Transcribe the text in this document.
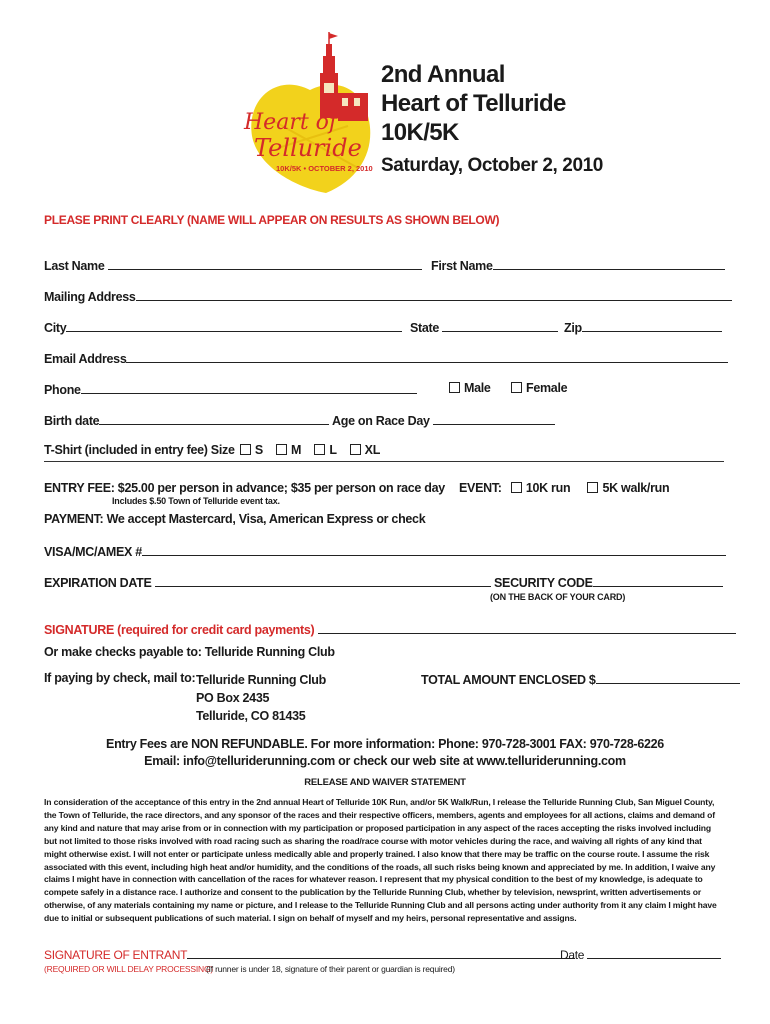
Heart of
Telluride
10K/5K • OCTOBER 2, 2010
2nd Annual
Heart of Telluride
10K/5K
Saturday, October 2, 2010
PLEASE PRINT CLEARLY (NAME WILL APPEAR ON RESULTS AS SHOWN BELOW)
Last Name	First Name
Mailing Address
City	State	Zip
Email Address
Phone	Male	Female
Birth date	Age on Race Day
T-Shirt (included in entry fee) Size S M L XL
ENTRY FEE: $25.00 per person in advance; $35 per person on race day
Includes $.50 Town of Telluride event tax.
EVENT: 10K run	5K walk/run
PAYMENT: We accept Mastercard, Visa, American Express or check
VISA/MC/AMEX #
EXPIRATION DATE	SECURITY CODE
(ON THE BACK OF YOUR CARD)
SIGNATURE (required for credit card payments)
Or make checks payable to: Telluride Running Club
If paying by check, mail to: Telluride Running Club
PO Box 2435
Telluride, CO 81435
TOTAL AMOUNT ENCLOSED $
Entry Fees are NON REFUNDABLE. For more information: Phone: 970-728-3001 FAX: 970-728-6226
Email: info@telluriderunning.com or check our web site at www.telluriderunning.com
RELEASE AND WAIVER STATEMENT

In consideration of the acceptance of this entry in the 2nd annual Heart of Telluride 10K Run, and/or 5K Walk/Run, I release the Telluride Running Club, San Miguel County, the Town of Telluride, the race directors, and any sponsor of the races and their respective officers, members, agents and employees for all actions, claims and demand of any kind and nature that may arise from or in connection with my participation or proposed participation in any aspect of the races accepting the risks involved including but not limited to those risks involved with road racing such as sharing the road/race course with motor vehicles during the race, and waiving all rights of any kind that might otherwise exist. I will not enter or participate unless medically able and properly trained. I also know that there may be traffic on the course route. I assume the risk associated with this event, including high heat and/or humidity, and the conditions of the roads, all such risks being known and appreciated by me. In addition, I waive any claims I might have in connection with cancellation of the races for whatever reason. I represent that my physical condition to the best of my knowledge, is adequate to compete safely in a distance race. I authorize and consent to the publication by the Telluride Running Club, whether by television, newsprint, written advertisements or otherwise, of any materials containing my name or picture, and I release to the Telluride Running Club and all persons acting under authority from it any claim I might have due to initial or subsequent publications of such material. I sign on behalf of myself and my heirs, personal representative and assigns.

SIGNATURE OF ENTRANT	Date
(REQUIRED OR WILL DELAY PROCESSING)
(If runner is under 18, signature of their parent or guardian is required)
